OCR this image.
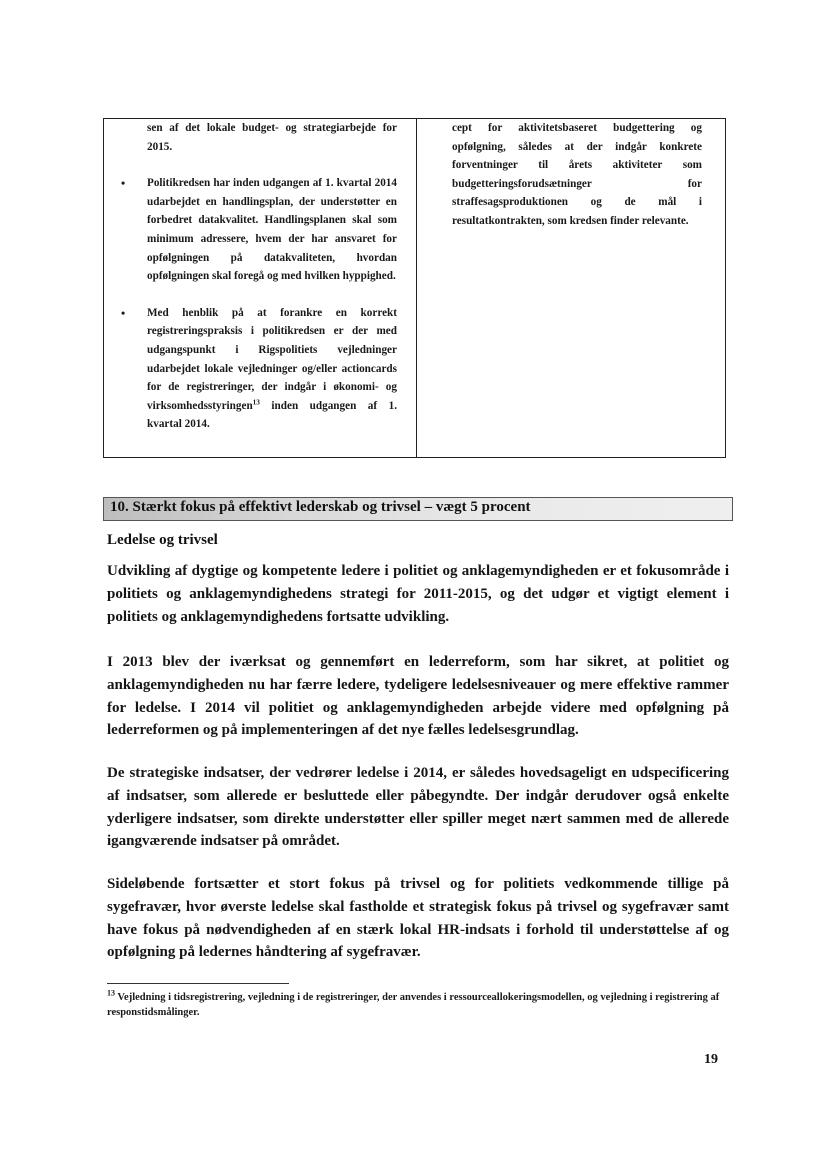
sen af det lokale budget- og strategiarbejde for 2015.

• Politikredsen har inden udgangen af 1. kvartal 2014 udarbejdet en handlingsplan, der understøtter en forbedret datakvalitet. Handlingsplanen skal som minimum adressere, hvem der har ansvaret for opfølgningen på datakvaliteten, hvordan opfølgningen skal foregå og med hvilken hyppighed.

• Med henblik på at forankre en korrekt registreringspraksis i politikredsen er der med udgangspunkt i Rigspolitiets vejledninger udarbejdet lokale vejledninger og/eller actioncards for de registreringer, der indgår i økonomi- og virksomhedsstyringen$^{13}$ inden udgangen af 1. kvartal 2014.

cept for aktivitetsbaseret budgettering og opfølgning, således at der indgår konkrete forventninger til årets aktiviteter som budgetteringsforudsætninger for straffesagsproduktionen og de mål i resultatkontrakten, som kredsen finder relevante.

10. Stærkt fokus på effektivt lederskab og trivsel – vægt 5 procent
Ledelse og trivsel

Udvikling af dygtige og kompetente ledere i politiet og anklagemyndigheden er et fokusområde i politiets og anklagemyndighedens strategi for 2011-2015, og det udgør et vigtigt element i politiets og anklagemyndighedens fortsatte udvikling.

I 2013 blev der iværksat og gennemført en lederreform, som har sikret, at politiet og anklagemyndigheden nu har færre ledere, tydeligere ledelsesniveauer og mere effektive rammer for ledelse. I 2014 vil politiet og anklagemyndigheden arbejde videre med opfølgning på lederreformen og på implementeringen af det nye fælles ledelsesgrundlag.

De strategiske indsatser, der vedrører ledelse i 2014, er således hovedsageligt en udspecificering af indsatser, som allerede er besluttede eller påbegyndte. Der indgår derudover også enkelte yderligere indsatser, som direkte understøtter eller spiller meget nært sammen med de allerede igangværende indsatser på området.

Sideløbende fortsætter et stort fokus på trivsel og for politiets vedkommende tillige på sygefravær, hvor øverste ledelse skal fastholde et strategisk fokus på trivsel og sygefravær samt have fokus på nødvendigheden af en stærk lokal HR-indsats i forhold til understøttelse af og opfølgning på ledernes håndtering af sygefravær.

$^{13}$ Vejledning i tidsregistrering, vejledning i de registreringer, der anvendes i ressourceallokeringsmodellen, og vejledning i registrering af responstidsmålinger.

19
